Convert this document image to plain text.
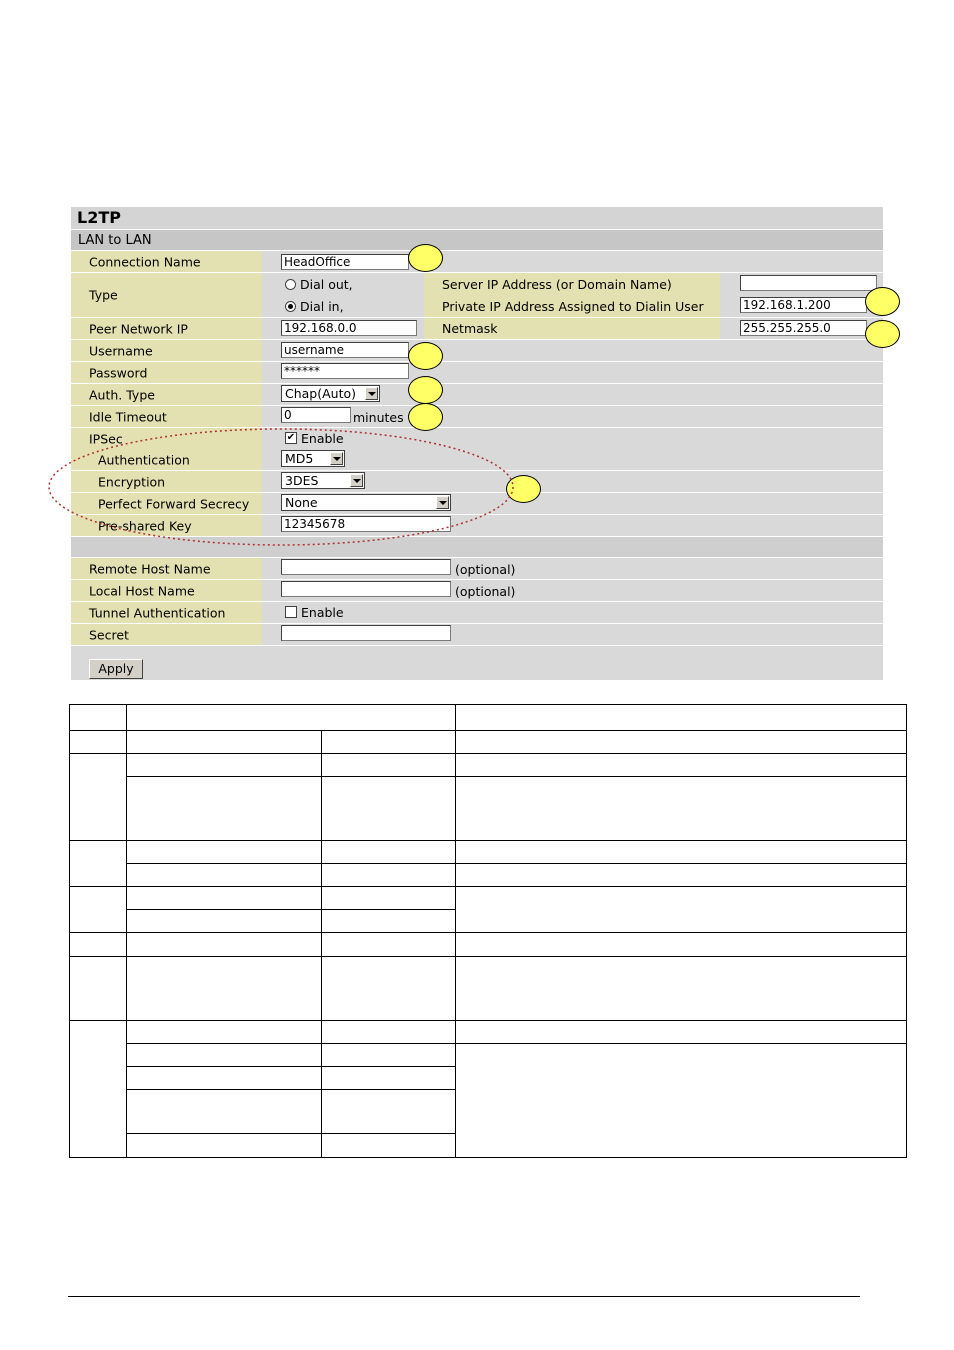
L2TP
LAN to LAN
Connection Name	HeadOffice
Type
Dial out,
Dial in,
Server IP Address (or Domain Name)
Private IP Address Assigned to Dialin User	192.168.1.200
Peer Network IP	192.168.0.0	Netmask	255.255.255.0
Username	username
Password	******
Auth. Type	Chap(Auto)
Idle Timeout	0	minutes
IPSec	✔ Enable
Authentication	MD5
Encryption	3DES
Perfect Forward Secrecy	None
Pre-shared Key	12345678
Remote Host Name	(optional)
Local Host Name	(optional)
Tunnel Authentication	Enable
Secret
Apply
